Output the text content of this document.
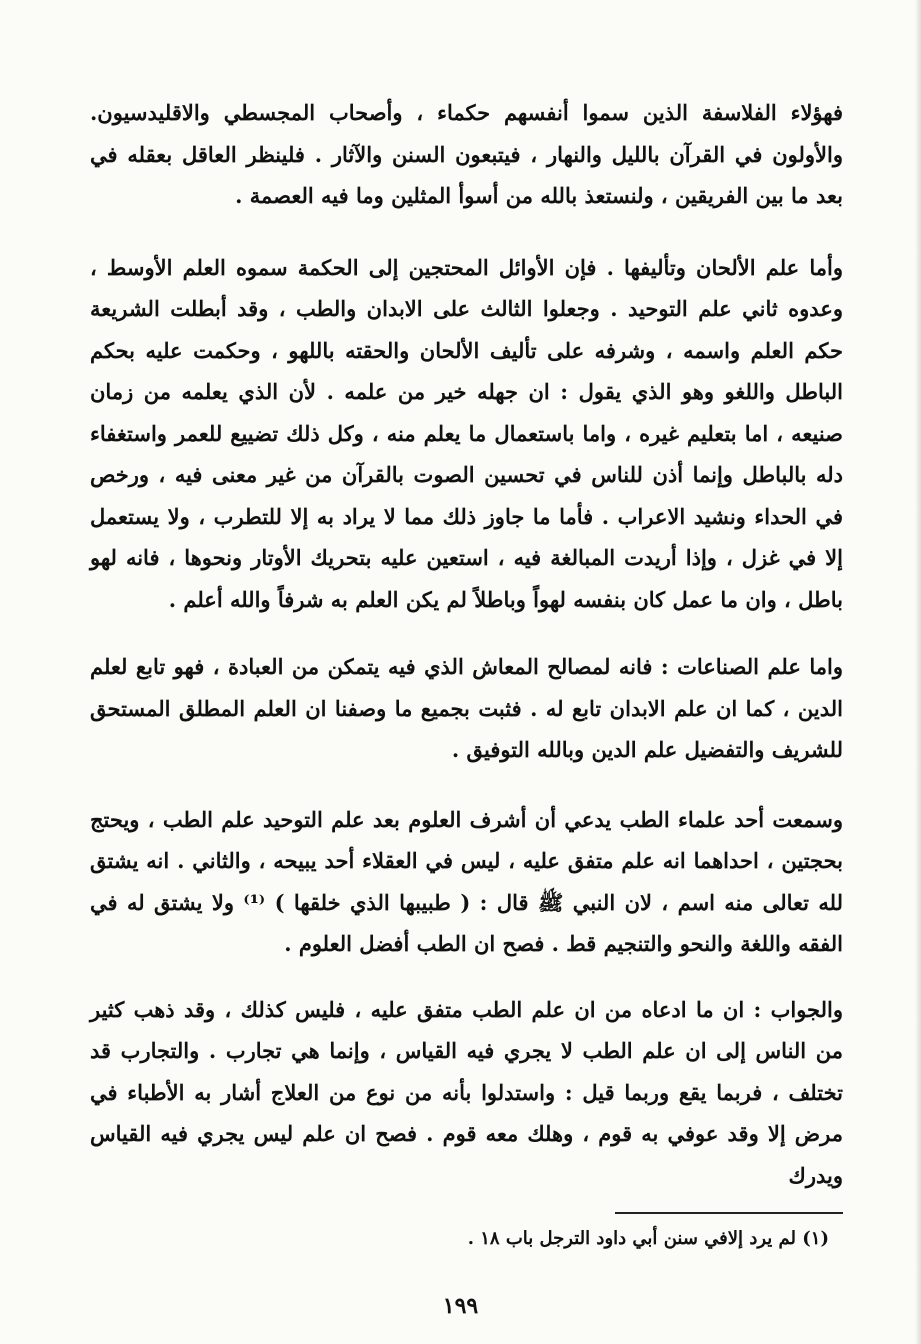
فهؤلاء الفلاسفة الذين سموا أنفسهم حكماء ، وأصحاب المجسطي والاقليدسيون. والأولون في القرآن بالليل والنهار ، فيتبعون السنن والآثار . فلينظر العاقل بعقله في بعد ما بين الفريقين ، ولنستعذ بالله من أسوأ المثلين وما فيه العصمة .

وأما علم الألحان وتأليفها . فإن الأوائل المحتجين إلى الحكمة سموه العلم الأوسط ، وعدوه ثاني علم التوحيد . وجعلوا الثالث على الابدان والطب ، وقد أبطلت الشريعة حكم العلم واسمه ، وشرفه على تأليف الألحان والحقته باللهو ، وحكمت عليه بحكم الباطل واللغو وهو الذي يقول : ان جهله خير من علمه . لأن الذي يعلمه من زمان صنيعه ، اما بتعليم غيره ، واما باستعمال ما يعلم منه ، وكل ذلك تضييع للعمر واستغفاء دله بالباطل وإنما أذن للناس في تحسين الصوت بالقرآن من غير معنى فيه ، ورخص في الحداء ونشيد الاعراب . فأما ما جاوز ذلك مما لا يراد به إلا للتطرب ، ولا يستعمل إلا في غزل ، وإذا أريدت المبالغة فيه ، استعين عليه بتحريك الأوتار ونحوها ، فانه لهو باطل ، وان ما عمل كان بنفسه لهواً وباطلاً لم يكن العلم به شرفاً والله أعلم .

واما علم الصناعات : فانه لمصالح المعاش الذي فيه يتمكن من العبادة ، فهو تابع لعلم الدين ، كما ان علم الابدان تابع له . فثبت بجميع ما وصفنا ان العلم المطلق المستحق للشريف والتفضيل علم الدين وبالله التوفيق .

وسمعت أحد علماء الطب يدعي أن أشرف العلوم بعد علم التوحيد علم الطب ، ويحتج بحجتين ، احداهما انه علم متفق عليه ، ليس في العقلاء أحد يبيحه ، والثاني . انه يشتق لله تعالى منه اسم ، لان النبي ﷺ قال : ( طبيبها الذي خلقها ) ⁽¹⁾ ولا يشتق له في الفقه واللغة والنحو والتنجيم قط . فصح ان الطب أفضل العلوم .

والجواب : ان ما ادعاه من ان علم الطب متفق عليه ، فليس كذلك ، وقد ذهب كثير من الناس إلى ان علم الطب لا يجري فيه القياس ، وإنما هي تجارب . والتجارب قد تختلف ، فربما يقع وربما قيل : واستدلوا بأنه من نوع من العلاج أشار به الأطباء في مرض إلا وقد عوفي به قوم ، وهلك معه قوم . فصح ان علم ليس يجري فيه القياس ويدرك

(١) لم يرد إلافي سنن أبي داود الترجل باب ١٨ .

١٩٩
